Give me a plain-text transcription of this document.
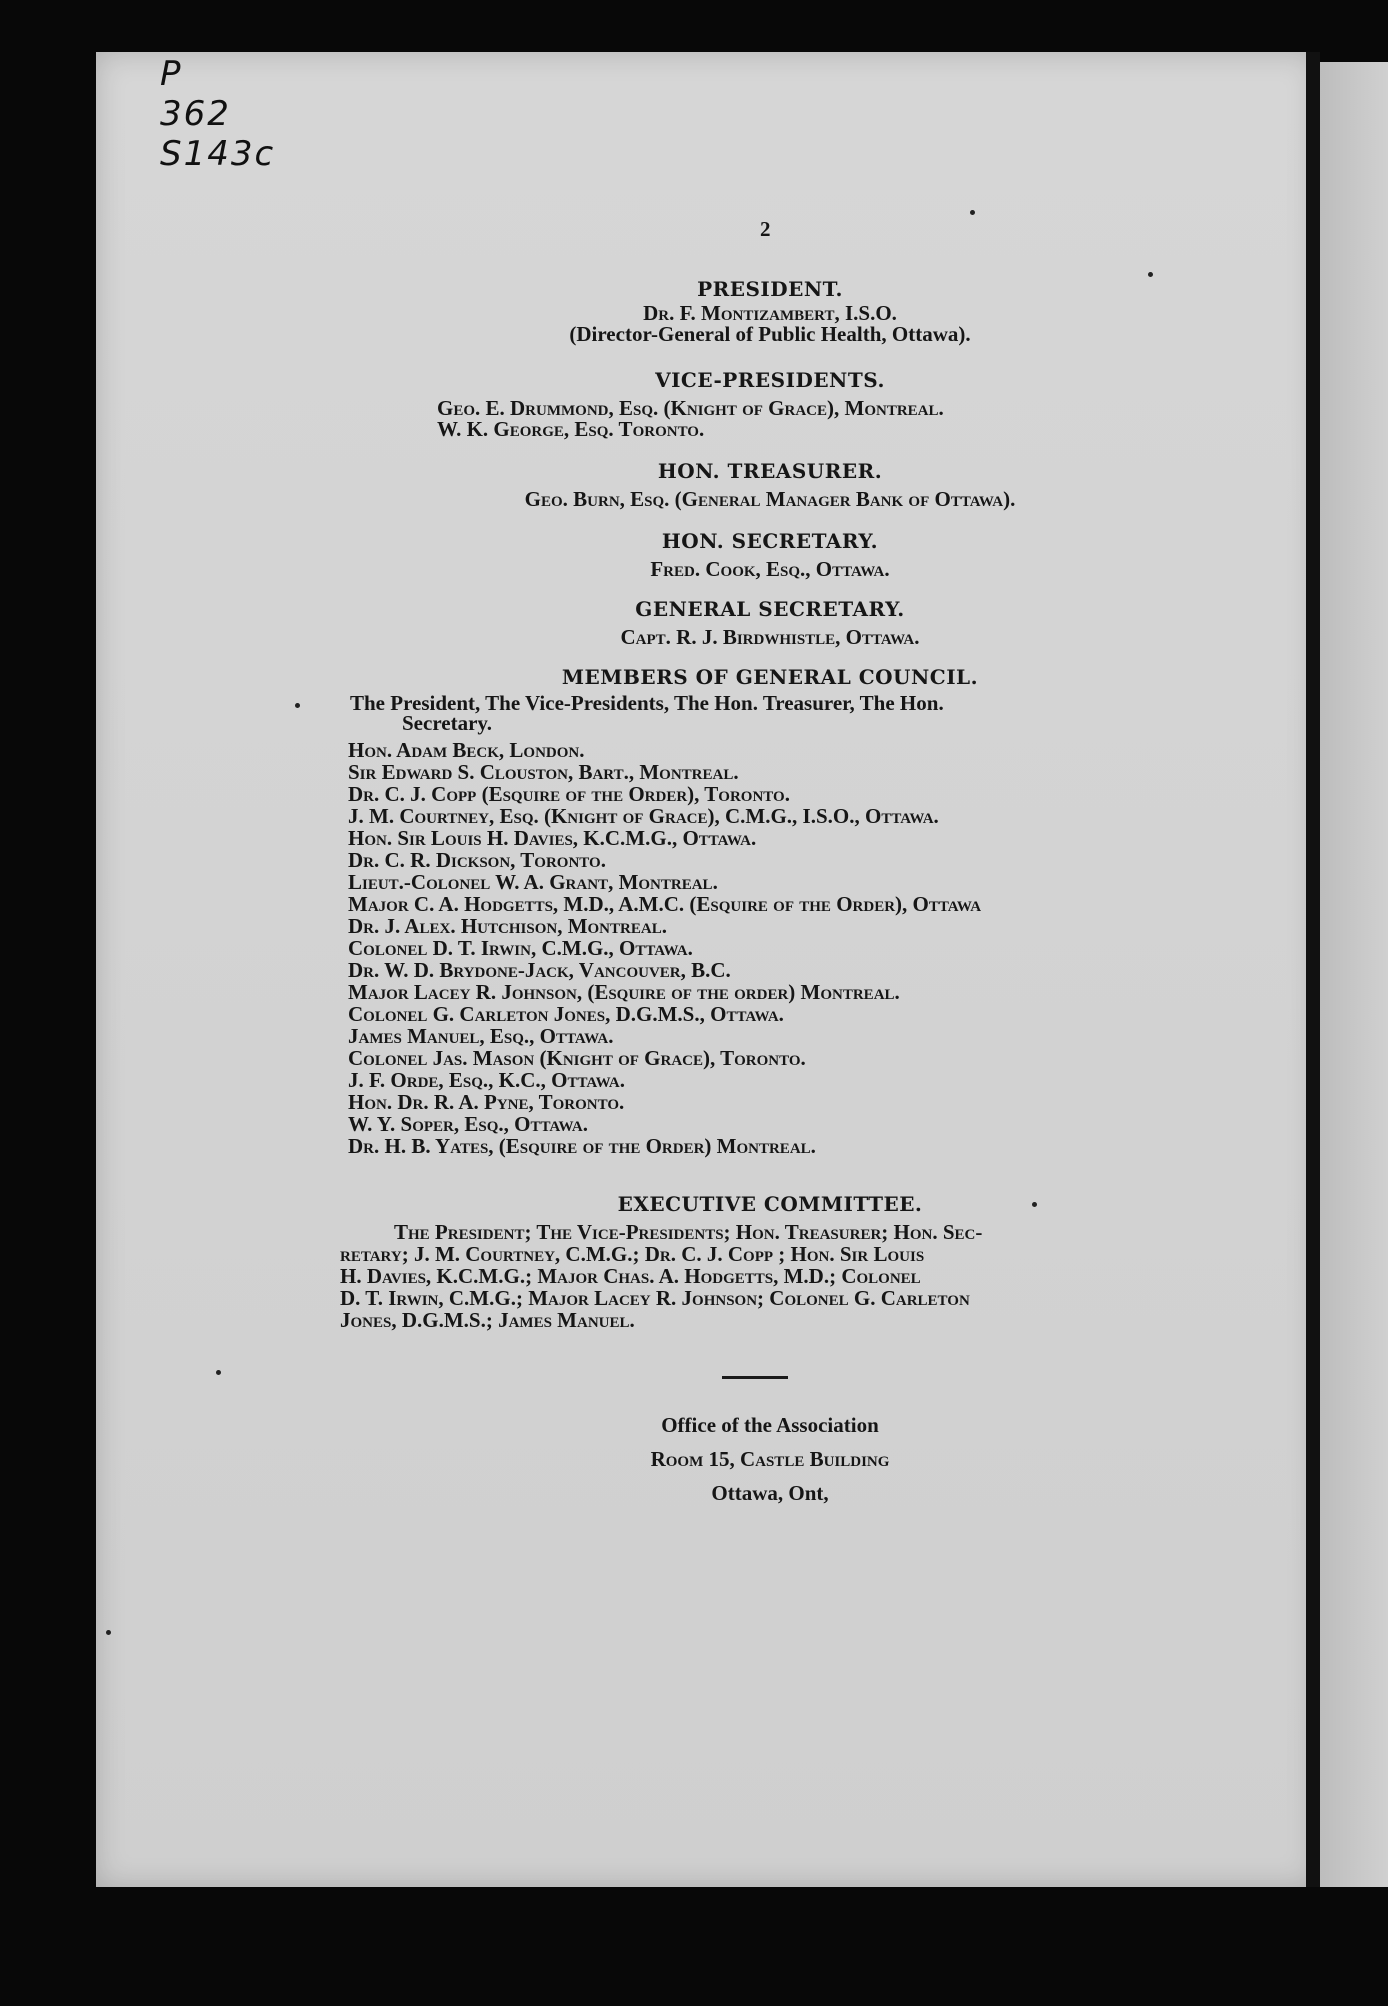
P
362
S143c
2
PRESIDENT.
Dr. F. Montizambert, I.S.O.
(Director-General of Public Health, Ottawa).
VICE-PRESIDENTS.
Geo. E. Drummond, Esq. (Knight of Grace), Montreal.
W. K. George, Esq. Toronto.
HON. TREASURER.
Geo. Burn, Esq. (General Manager Bank of Ottawa).
HON. SECRETARY.
Fred. Cook, Esq., Ottawa.
GENERAL SECRETARY.
Capt. R. J. Birdwhistle, Ottawa.
MEMBERS OF GENERAL COUNCIL.
The President, The Vice-Presidents, The Hon. Treasurer, The Hon.
Secretary.
Hon. Adam Beck, London.
Sir Edward S. Clouston, Bart., Montreal.
Dr. C. J. Copp (Esquire of the Order), Toronto.
J. M. Courtney, Esq. (Knight of Grace), C.M.G., I.S.O., Ottawa.
Hon. Sir Louis H. Davies, K.C.M.G., Ottawa.
Dr. C. R. Dickson, Toronto.
Lieut.-Colonel W. A. Grant, Montreal.
Major C. A. Hodgetts, M.D., A.M.C. (Esquire of the Order), Ottawa
Dr. J. Alex. Hutchison, Montreal.
Colonel D. T. Irwin, C.M.G., Ottawa.
Dr. W. D. Brydone-Jack, Vancouver, B.C.
Major Lacey R. Johnson, (Esquire of the order) Montreal.
Colonel G. Carleton Jones, D.G.M.S., Ottawa.
James Manuel, Esq., Ottawa.
Colonel Jas. Mason (Knight of Grace), Toronto.
J. F. Orde, Esq., K.C., Ottawa.
Hon. Dr. R. A. Pyne, Toronto.
W. Y. Soper, Esq., Ottawa.
Dr. H. B. Yates, (Esquire of the Order) Montreal.
EXECUTIVE COMMITTEE.
The President; The Vice-Presidents; Hon. Treasurer; Hon. Sec-
retary; J. M. Courtney, C.M.G.; Dr. C. J. Copp ; Hon. Sir Louis
H. Davies, K.C.M.G.; Major Chas. A. Hodgetts, M.D.; Colonel
D. T. Irwin, C.M.G.; Major Lacey R. Johnson; Colonel G. Carleton
Jones, D.G.M.S.; James Manuel.
Office of the Association
Room 15, Castle Building
Ottawa, Ont,
